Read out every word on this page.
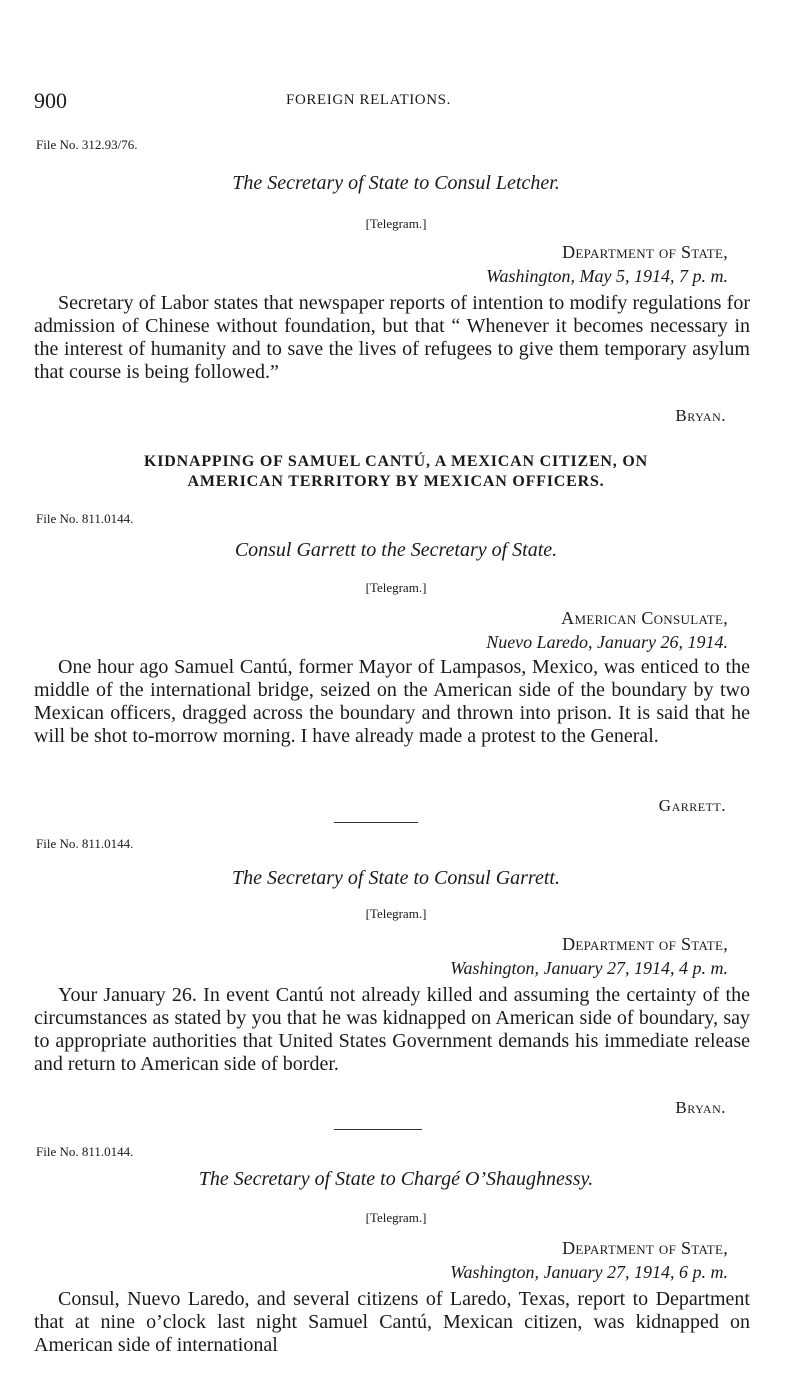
900	FOREIGN RELATIONS.
File No. 312.93/76.
The Secretary of State to Consul Letcher.
[Telegram.]
Department of State,
Washington, May 5, 1914, 7 p. m.

Secretary of Labor states that newspaper reports of intention to modify regulations for admission of Chinese without foundation, but that “ Whenever it becomes necessary in the interest of humanity and to save the lives of refugees to give them temporary asylum that course is being followed.”

Bryan.
KIDNAPPING OF SAMUEL CANTÚ, A MEXICAN CITIZEN, ON
AMERICAN TERRITORY BY MEXICAN OFFICERS.
File No. 811.0144.
Consul Garrett to the Secretary of State.
[Telegram.]
American Consulate,
Nuevo Laredo, January 26, 1914.

One hour ago Samuel Cantú, former Mayor of Lampasos, Mexico, was enticed to the middle of the international bridge, seized on the American side of the boundary by two Mexican officers, dragged across the boundary and thrown into prison. It is said that he will be shot to-morrow morning. I have already made a protest to the General.

Garrett.
File No. 811.0144.
The Secretary of State to Consul Garrett.
[Telegram.]
Department of State,
Washington, January 27, 1914, 4 p. m.

Your January 26. In event Cantú not already killed and assuming the certainty of the circumstances as stated by you that he was kidnapped on American side of boundary, say to appropriate authorities that United States Government demands his immediate release and return to American side of border.

Bryan.
File No. 811.0144.
The Secretary of State to Chargé O’Shaughnessy.
[Telegram.]
Department of State,
Washington, January 27, 1914, 6 p. m.

Consul, Nuevo Laredo, and several citizens of Laredo, Texas, report to Department that at nine o’clock last night Samuel Cantú, Mexican citizen, was kidnapped on American side of international
